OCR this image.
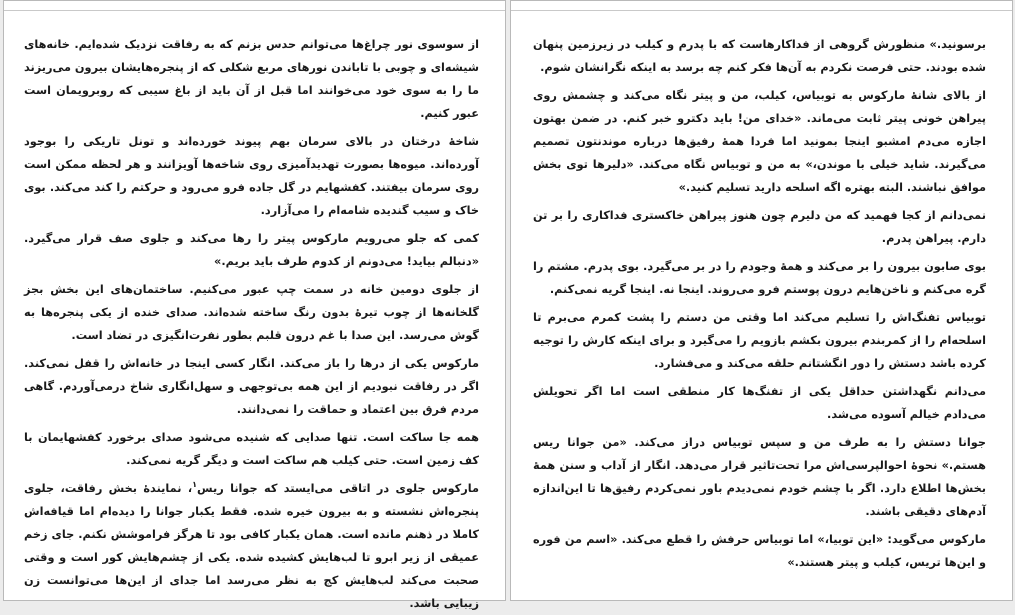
از سوسوی نور چراغ‌ها می‌توانم حدس بزنم که به رفاقت نزدیک شده‌ایم. خانه‌های شیشه‌ای و چوبی با تاباندن نورهای مربع شکلی که از پنجره‌هایشان بیرون می‌ریزند ما را به سوی خود می‌خوانند اما قبل از آن باید از باغ سیبی که روبرویمان است عبور کنیم.

شاخهٔ درختان در بالای سرمان بهم پیوند خورده‌اند و تونل تاریکی را بوجود آورده‌اند. میوه‌ها بصورت تهدیدآمیزی روی شاخه‌ها آویزانند و هر لحظه ممکن است روی سرمان بیفتند. کفشهایم در گل جاده فرو می‌رود و حرکتم را کند می‌کند. بوی خاک و سیب گندیده شامه‌ام را می‌آزارد.

کمی که جلو می‌رویم مارکوس پیتر را رها می‌کند و جلوی صف قرار می‌گیرد. «دنبالم بیاید! می‌دونم از کدوم طرف باید بریم.»

از جلوی دومین خانه در سمت چپ عبور می‌کنیم. ساختمان‌های این بخش بجز گلخانه‌ها از چوب تیرهٔ بدون رنگ ساخته شده‌اند. صدای خنده از یکی پنجره‌ها به گوش می‌رسد. این صدا با غم درون قلبم بطور نفرت‌انگیزی در تضاد است.

مارکوس یکی از درها را باز می‌کند. انگار کسی اینجا در خانه‌اش را قفل نمی‌کند. اگر در رفاقت نبودیم از این همه بی‌توجهی و سهل‌انگاری شاخ درمی‌آوردم. گاهی مردم فرق بین اعتماد و حماقت را نمی‌دانند.

همه جا ساکت است. تنها صدایی که شنیده می‌شود صدای برخورد کفشهایمان با کف زمین است. حتی کیلب هم ساکت است و دیگر گریه نمی‌کند.

مارکوس جلوی در اتاقی می‌ایستد که جوانا ریس$^۱$، نمایندهٔ بخش رفاقت، جلوی پنجره‌اش نشسته و به بیرون خیره شده. فقط یکبار جوانا را دیده‌ام اما قیافه‌اش کاملا در ذهنم مانده است. همان یکبار کافی بود تا هرگز فراموشش نکنم. جای زخم عمیقی از زیر ابرو تا لب‌هایش کشیده شده. یکی از چشم‌هایش کور است و وقتی صحبت می‌کند لب‌هایش کج به نظر می‌رسد اما جدای از این‌ها می‌توانست زن زیبایی باشد.

برسونید.» منظورش گروهی از فداکارهاست که با پدرم و کیلب در زیرزمین پنهان شده بودند. حتی فرصت نکردم به آن‌ها فکر کنم چه برسد به اینکه نگرانشان شوم.

از بالای شانهٔ مارکوس به توبیاس، کیلب، من و پیتر نگاه می‌کند و چشمش روی پیراهن خونی پیتر ثابت می‌ماند. «خدای من! باید دکترو خبر کنم. در ضمن بهتون اجازه می‌دم امشبو اینجا بمونید اما فردا همهٔ رفیق‌ها درباره موندنتون تصمیم می‌گیرند. شاید خیلی با موندن،» به من و توبیاس نگاه می‌کند. «دلیرها توی بخش موافق نباشند. البته بهتره اگه اسلحه دارید تسلیم کنید.»

نمی‌دانم از کجا فهمید که من دلیرم چون هنوز پیراهن خاکستری فداکاری را بر تن دارم. پیراهن پدرم.

بوی صابون بیرون را بر می‌کند و همهٔ وجودم را در بر می‌گیرد. بوی پدرم. مشتم را گره می‌کنم و ناخن‌هایم درون پوستم فرو می‌روند. اینجا نه. اینجا گریه نمی‌کنم.

توبیاس تفنگ‌اش را تسلیم می‌کند اما وقتی من دستم را پشت کمرم می‌برم تا اسلحه‌ام را از کمربندم بیرون بکشم بازویم را می‌گیرد و برای اینکه کارش را توجیه کرده باشد دستش را دور انگشتانم حلقه می‌کند و می‌فشارد.

می‌دانم نگهداشتن حداقل یکی از تفنگ‌ها کار منطقی است اما اگر تحویلش می‌دادم خیالم آسوده می‌شد.

جوانا دستش را به طرف من و سپس توبیاس دراز می‌کند. «من جوانا ریس هستم.» نحوهٔ احوالپرسی‌اش مرا تحت‌تاثیر قرار می‌دهد. انگار از آداب و سنن همهٔ بخش‌ها اطلاع دارد. اگر با چشم خودم نمی‌دیدم باور نمی‌کردم رفیق‌ها تا این‌اندازه آدم‌های دقیقی باشند.

مارکوس می‌گوید: «این توبیا،» اما توبیاس حرفش را قطع می‌کند. «اسم من فوره و این‌ها تریس، کیلب و پیتر هستند.»
